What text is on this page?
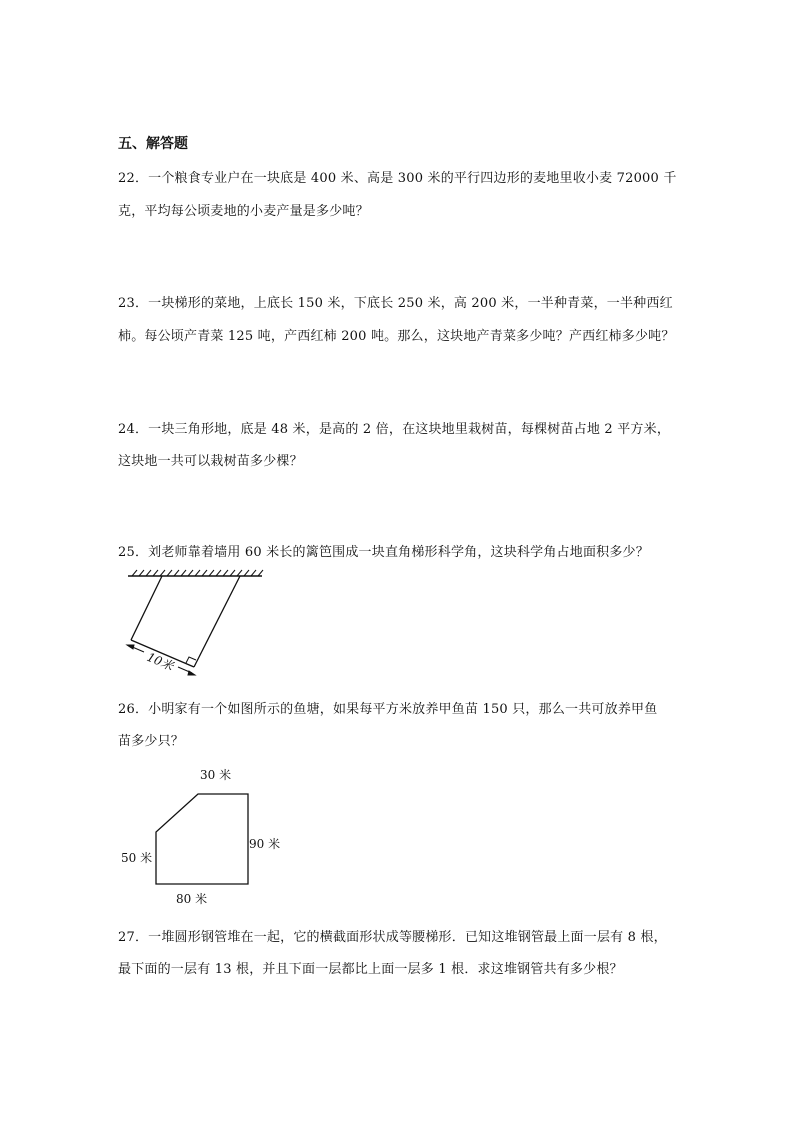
五、解答题
22．一个粮食专业户在一块底是 400 米、高是 300 米的平行四边形的麦地里收小麦 72000 千
克，平均每公顷麦地的小麦产量是多少吨？
23．一块梯形的菜地，上底长 150 米，下底长 250 米，高 200 米，一半种青菜，一半种西红
柿。每公顷产青菜 125 吨，产西红柿 200 吨。那么，这块地产青菜多少吨？产西红柿多少吨？
24．一块三角形地，底是 48 米，是高的 2 倍，在这块地里栽树苗，每棵树苗占地 2 平方米，
这块地一共可以栽树苗多少棵？
25．刘老师靠着墙用 60 米长的篱笆围成一块直角梯形科学角，这块科学角占地面积多少？
10米
26．小明家有一个如图所示的鱼塘，如果每平方米放养甲鱼苗 150 只，那么一共可放养甲鱼
苗多少只？
30 米
90 米
50 米
80 米
27．一堆圆形钢管堆在一起，它的横截面形状成等腰梯形．已知这堆钢管最上面一层有 8 根，
最下面的一层有 13 根，并且下面一层都比上面一层多 1 根．求这堆钢管共有多少根？
